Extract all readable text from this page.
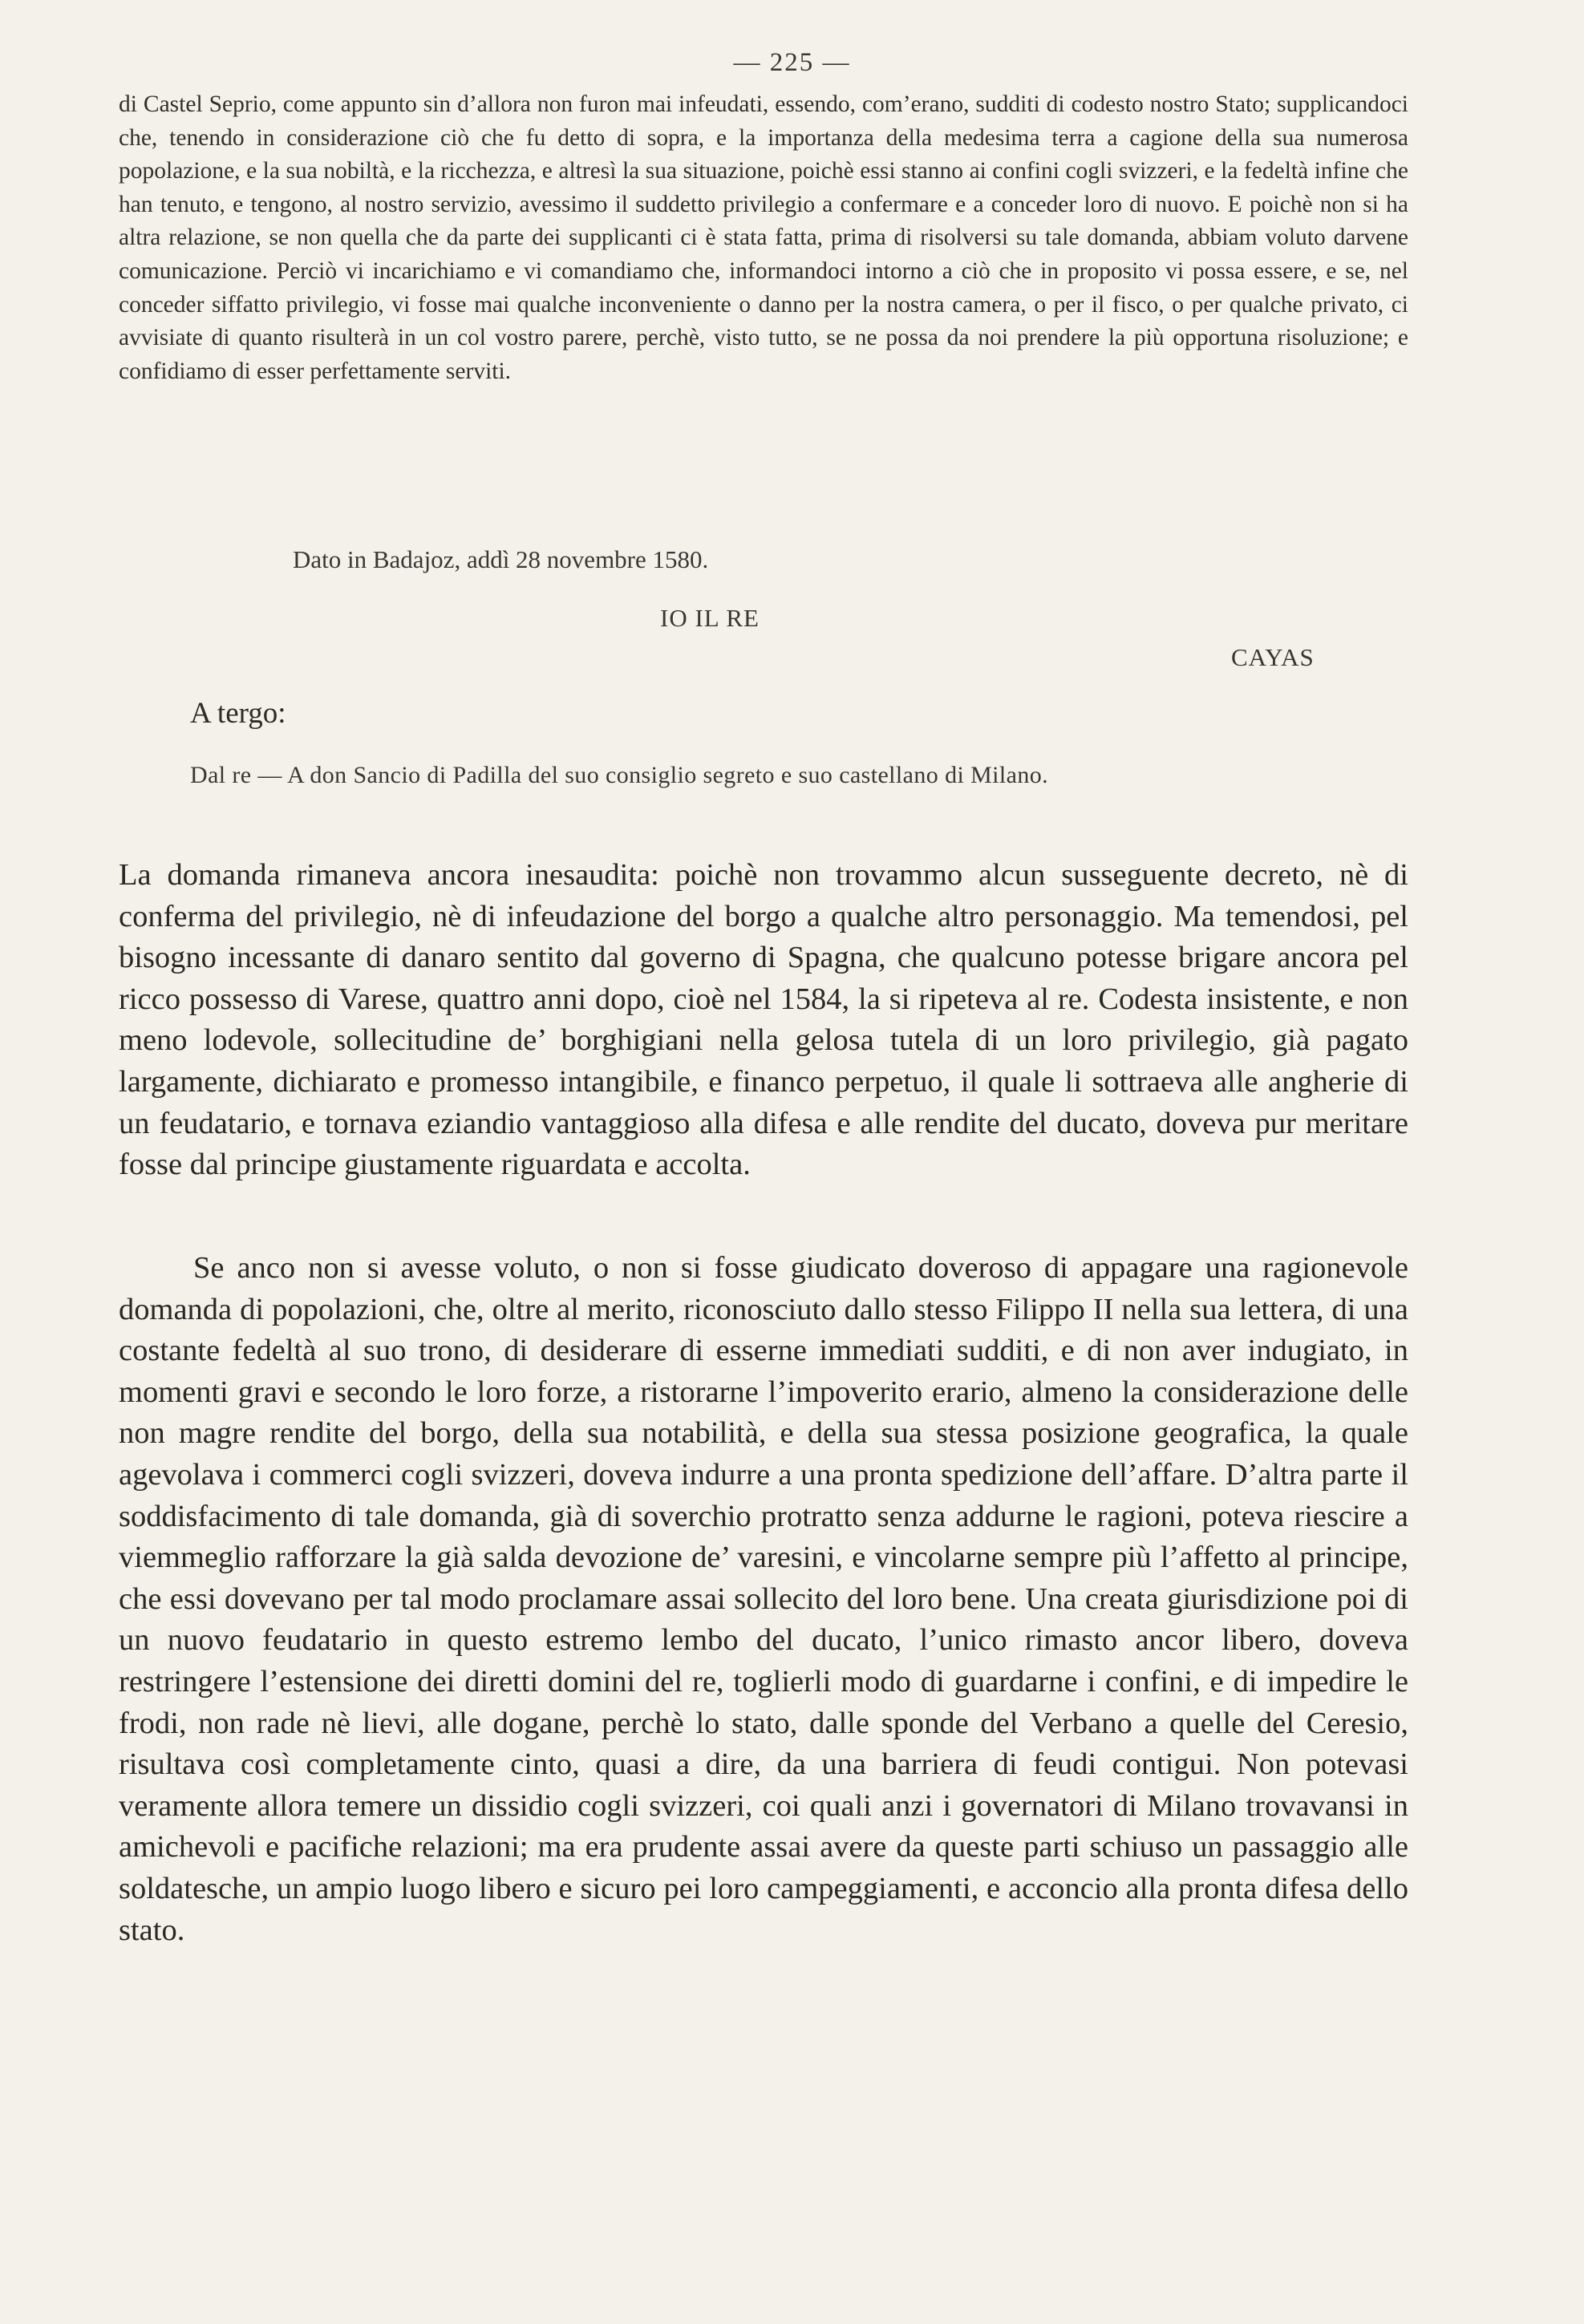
— 225 —

di Castel Seprio, come appunto sin d’allora non furon mai infeudati, essendo, com’erano, sudditi di codesto nostro Stato; supplicandoci che, tenendo in considerazione ciò che fu detto di sopra, e la importanza della medesima terra a cagione della sua numerosa popolazione, e la sua nobiltà, e la ricchezza, e altresì la sua situazione, poichè essi stanno ai confini cogli svizzeri, e la fedeltà infine che han tenuto, e tengono, al nostro servizio, avessimo il suddetto privilegio a confermare e a conceder loro di nuovo. E poichè non si ha altra relazione, se non quella che da parte dei supplicanti ci è stata fatta, prima di risolversi su tale domanda, abbiam voluto darvene comunicazione. Perciò vi incarichiamo e vi comandiamo che, informandoci intorno a ciò che in proposito vi possa essere, e se, nel conceder siffatto privilegio, vi fosse mai qualche inconveniente o danno per la nostra camera, o per il fisco, o per qualche privato, ci avvisiate di quanto risulterà in un col vostro parere, perchè, visto tutto, se ne possa da noi prendere la più opportuna risoluzione; e confidiamo di esser perfettamente serviti.

Dato in Badajoz, addì 28 novembre 1580.

IO IL RE

CAYAS

A tergo:

Dal re — A don Sancio di Padilla del suo consiglio segreto e suo castellano di Milano.

La domanda rimaneva ancora inesaudita: poichè non trovammo alcun susseguente decreto, nè di conferma del privilegio, nè di infeudazione del borgo a qualche altro personaggio. Ma temendosi, pel bisogno incessante di danaro sentito dal governo di Spagna, che qualcuno potesse brigare ancora pel ricco possesso di Varese, quattro anni dopo, cioè nel 1584, la si ripeteva al re. Codesta insistente, e non meno lodevole, sollecitudine de’ borghigiani nella gelosa tutela di un loro privilegio, già pagato largamente, dichiarato e promesso intangibile, e financo perpetuo, il quale li sottraeva alle angherie di un feudatario, e tornava eziandio vantaggioso alla difesa e alle rendite del ducato, doveva pur meritare fosse dal principe giustamente riguardata e accolta.

Se anco non si avesse voluto, o non si fosse giudicato doveroso di appagare una ragionevole domanda di popolazioni, che, oltre al merito, riconosciuto dallo stesso Filippo II nella sua lettera, di una costante fedeltà al suo trono, di desiderare di esserne immediati sudditi, e di non aver indugiato, in momenti gravi e secondo le loro forze, a ristorarne l’impoverito erario, almeno la considerazione delle non magre rendite del borgo, della sua notabilità, e della sua stessa posizione geografica, la quale agevolava i commerci cogli svizzeri, doveva indurre a una pronta spedizione dell’affare. D’altra parte il soddisfacimento di tale domanda, già di soverchio protratto senza addurne le ragioni, poteva riescire a viemmeglio rafforzare la già salda devozione de’ varesini, e vincolarne sempre più l’affetto al principe, che essi dovevano per tal modo proclamare assai sollecito del loro bene. Una creata giurisdizione poi di un nuovo feudatario in questo estremo lembo del ducato, l’unico rimasto ancor libero, doveva restringere l’estensione dei diretti domini del re, toglierli modo di guardarne i confini, e di impedire le frodi, non rade nè lievi, alle dogane, perchè lo stato, dalle sponde del Verbano a quelle del Ceresio, risultava così completamente cinto, quasi a dire, da una barriera di feudi contigui. Non potevasi veramente allora temere un dissidio cogli svizzeri, coi quali anzi i governatori di Milano trovavansi in amichevoli e pacifiche relazioni; ma era prudente assai avere da queste parti schiuso un passaggio alle soldatesche, un ampio luogo libero e sicuro pei loro campeggiamenti, e acconcio alla pronta difesa dello stato.
